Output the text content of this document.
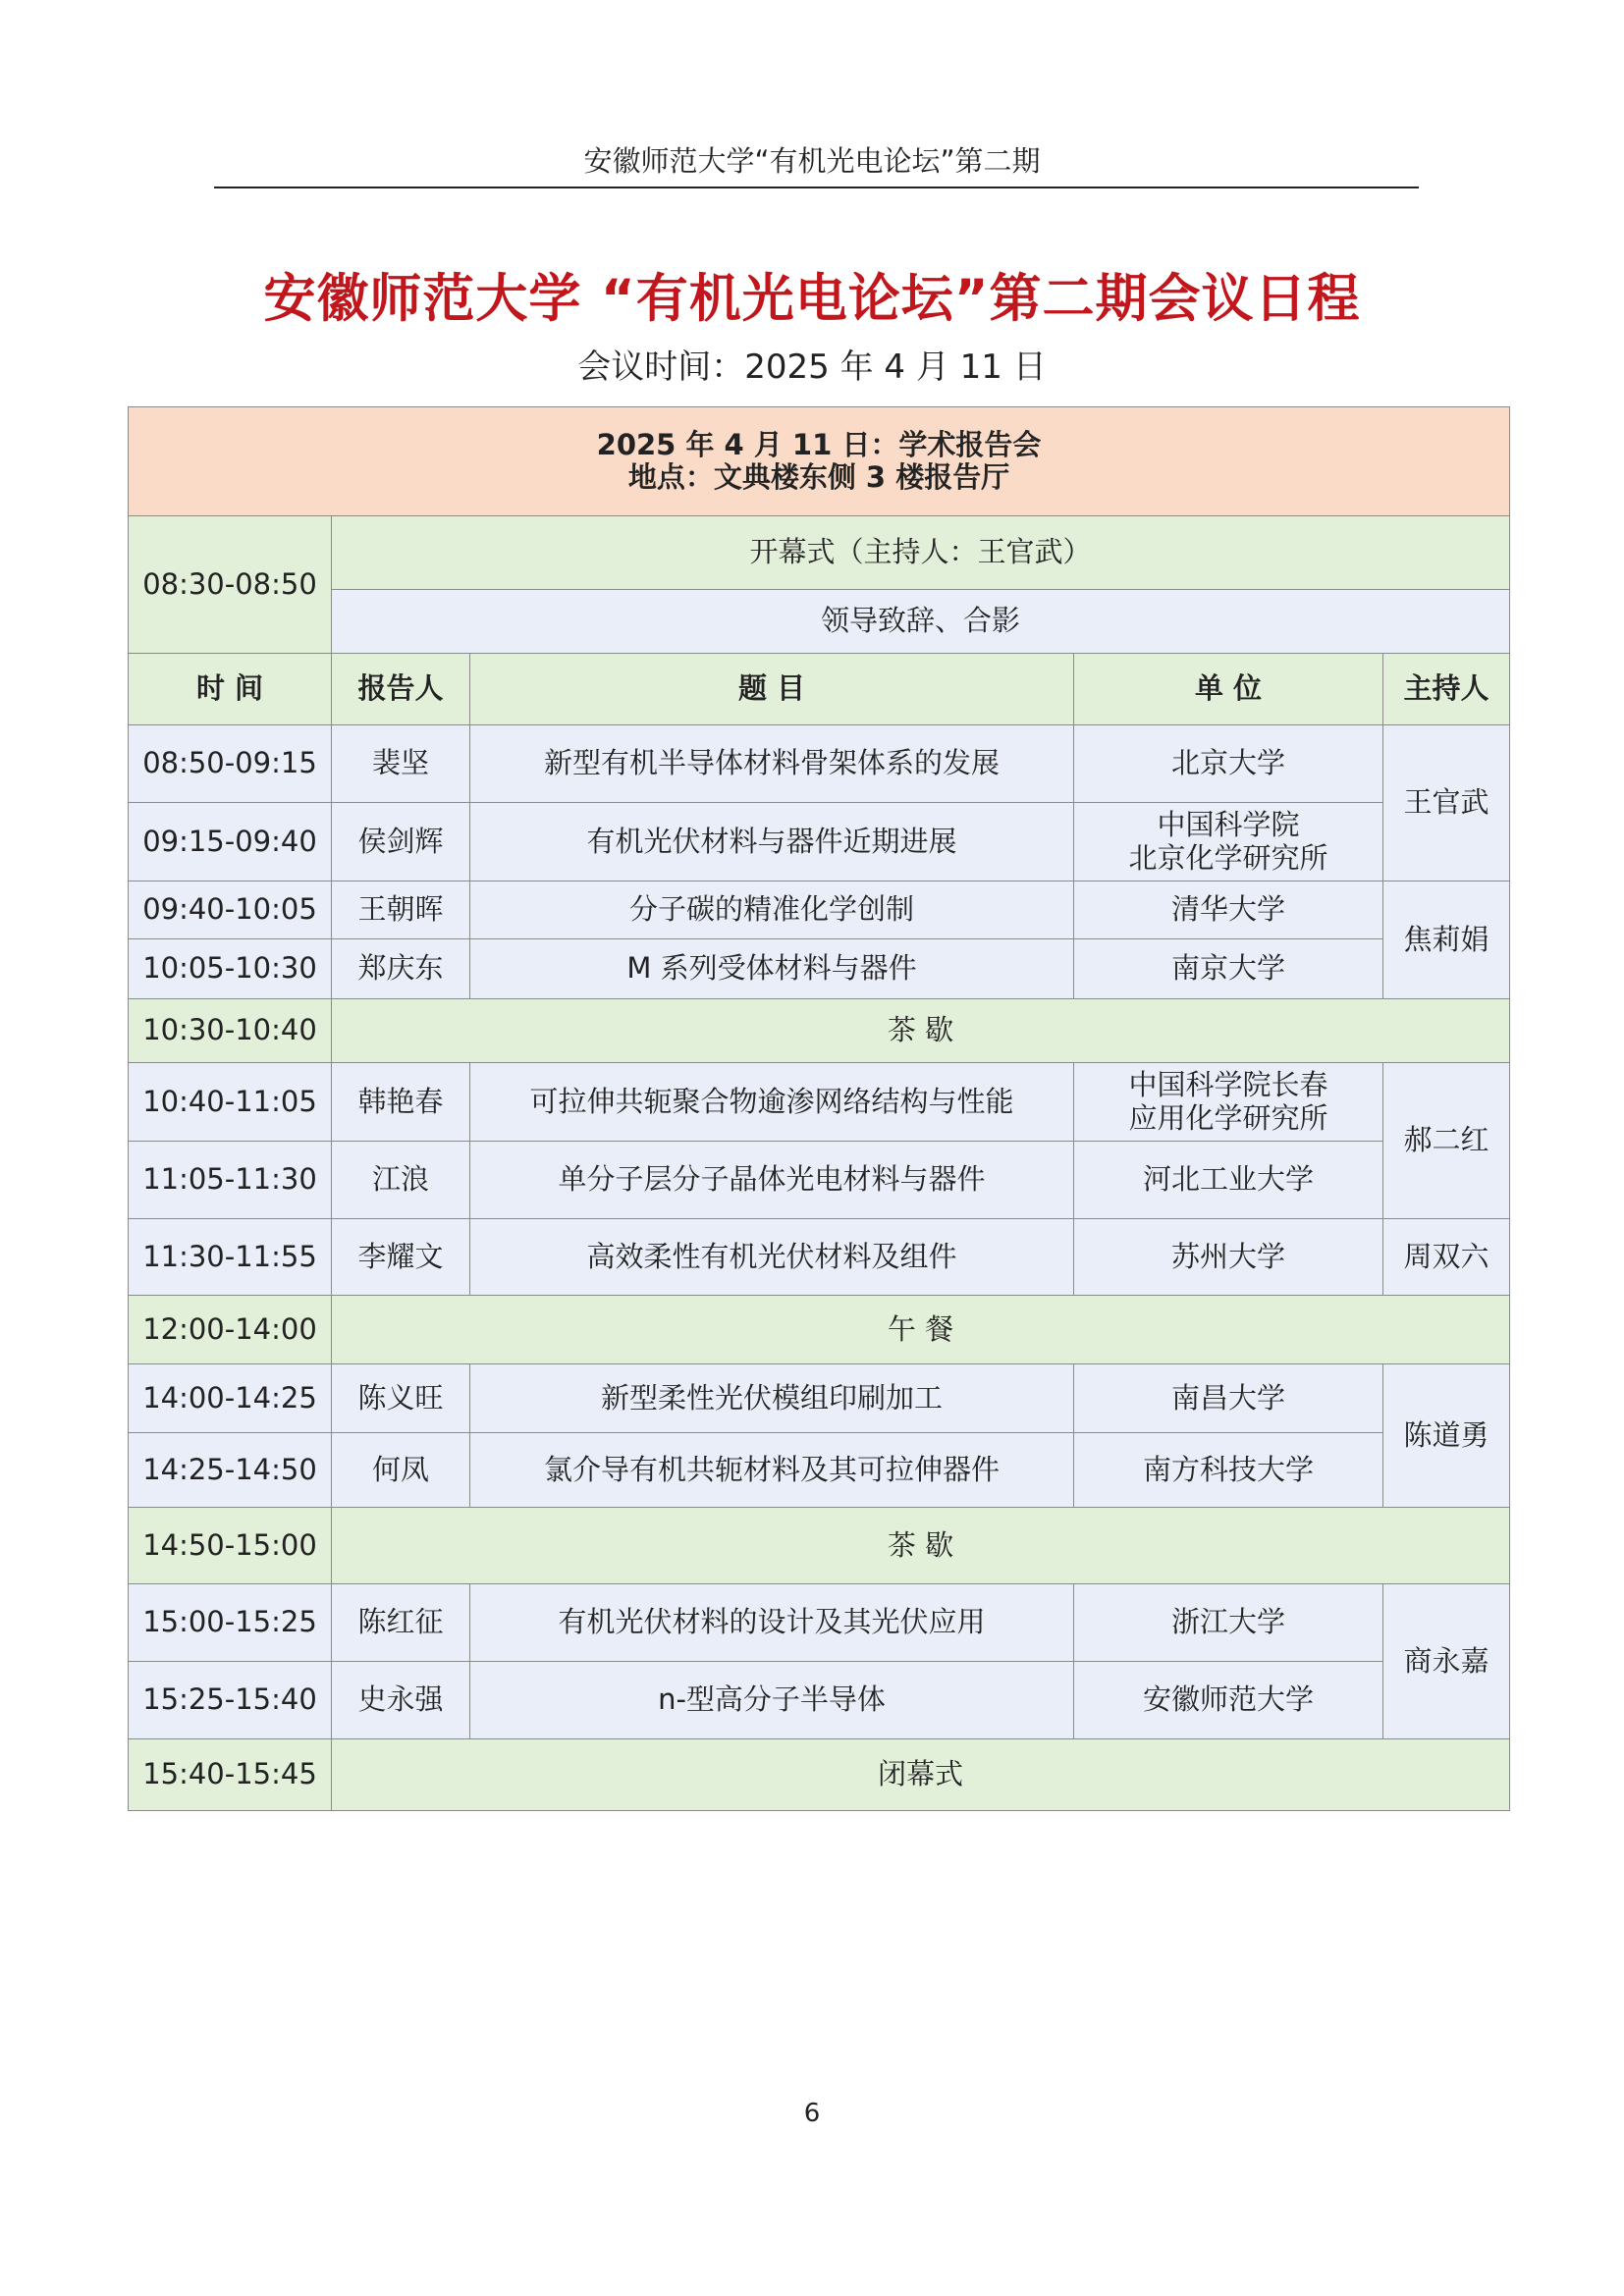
安徽师范大学“有机光电论坛”第二期
安徽师范大学 “有机光电论坛”第二期会议日程
会议时间：2025 年 4 月 11 日
2025 年 4 月 11 日：学术报告会
地点：文典楼东侧 3 楼报告厅				

08:30-08:50	开幕式（主持人：王官武）			
	领导致辞、合影			
时 间	报告人	题 目	单 位	主持人
08:50-09:15	裴坚	新型有机半导体材料骨架体系的发展	北京大学	王官武
09:15-09:40	侯剑辉	有机光伏材料与器件近期进展	中国科学院
北京化学研究所	

09:40-10:05	王朝晖	分子碳的精准化学创制	清华大学	焦莉娟
10:05-10:30	郑庆东	M 系列受体材料与器件	南京大学	
10:30-10:40	茶 歇			
10:40-11:05	韩艳春	可拉伸共轭聚合物逾渗网络结构与性能	中国科学院长春
应用化学研究所	郝二红
11:05-11:30	江浪	单分子层分子晶体光电材料与器件	河北工业大学	
11:30-11:55	李耀文	高效柔性有机光伏材料及组件	苏州大学	周双六
12:00-14:00	午 餐			
14:00-14:25	陈义旺	新型柔性光伏模组印刷加工	南昌大学	陈道勇
14:25-14:50	何凤	氯介导有机共轭材料及其可拉伸器件	南方科技大学	
14:50-15:00	茶 歇			
15:00-15:25	陈红征	有机光伏材料的设计及其光伏应用	浙江大学	商永嘉
15:25-15:40	史永强	n-型高分子半导体	安徽师范大学	
15:40-15:45	闭幕式			
6
